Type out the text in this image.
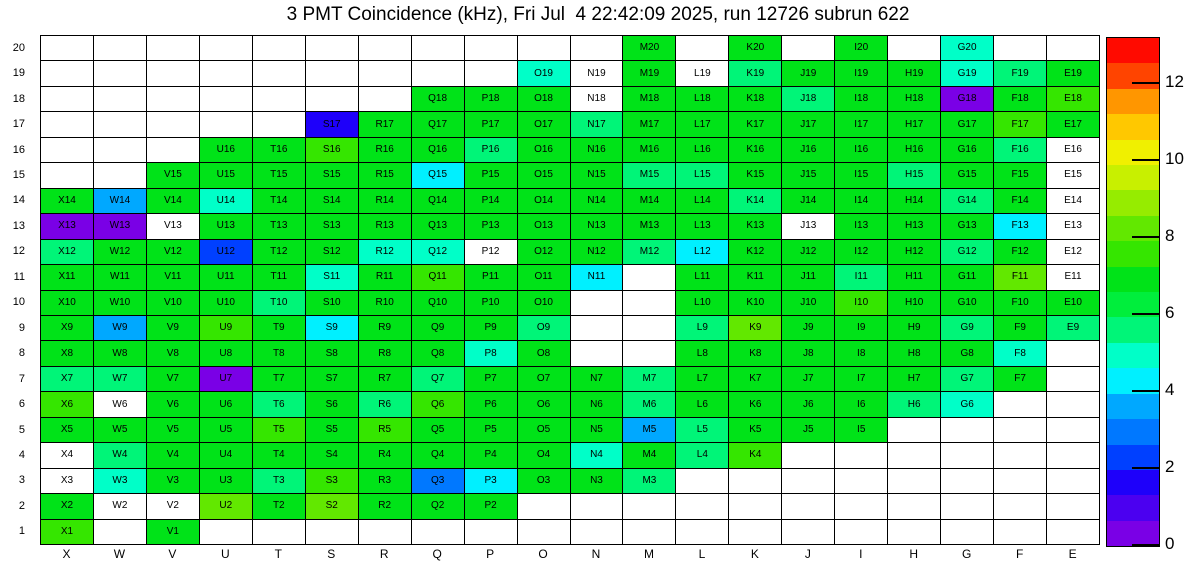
3 PMT Coincidence (kHz), Fri Jul  4 22:42:09 2025, run 12726 subrun 622
20
19
18
17
16
15
14
13
12
11
10
9
8
7
6
5
4
3
2
1
M20	K20	I20	G20
O19	N19	M19	L19	K19	J19	I19	H19	G19	F19	E19
Q18	P18	O18	N18	M18	L18	K18	J18	I18	H18	G18	F18	E18
S17	R17	Q17	P17	O17	N17	M17	L17	K17	J17	I17	H17	G17	F17	E17
U16	T16	S16	R16	Q16	P16	O16	N16	M16	L16	K16	J16	I16	H16	G16	F16	E16
V15	U15	T15	S15	R15	Q15	P15	O15	N15	M15	L15	K15	J15	I15	H15	G15	F15	E15
X14	W14	V14	U14	T14	S14	R14	Q14	P14	O14	N14	M14	L14	K14	J14	I14	H14	G14	F14	E14
X13	W13	V13	U13	T13	S13	R13	Q13	P13	O13	N13	M13	L13	K13	J13	I13	H13	G13	F13	E13
X12	W12	V12	U12	T12	S12	R12	Q12	P12	O12	N12	M12	L12	K12	J12	I12	H12	G12	F12	E12
X11	W11	V11	U11	T11	S11	R11	Q11	P11	O11	N11	L11	K11	J11	I11	H11	G11	F11	E11
X10	W10	V10	U10	T10	S10	R10	Q10	P10	O10	L10	K10	J10	I10	H10	G10	F10	E10
X9	W9	V9	U9	T9	S9	R9	Q9	P9	O9	L9	K9	J9	I9	H9	G9	F9	E9
X8	W8	V8	U8	T8	S8	R8	Q8	P8	O8	L8	K8	J8	I8	H8	G8	F8
X7	W7	V7	U7	T7	S7	R7	Q7	P7	O7	N7	M7	L7	K7	J7	I7	H7	G7	F7
X6	W6	V6	U6	T6	S6	R6	Q6	P6	O6	N6	M6	L6	K6	J6	I6	H6	G6
X5	W5	V5	U5	T5	S5	R5	Q5	P5	O5	N5	M5	L5	K5	J5	I5
X4	W4	V4	U4	T4	S4	R4	Q4	P4	O4	N4	M4	L4	K4
X3	W3	V3	U3	T3	S3	R3	Q3	P3	O3	N3	M3
X2	W2	V2	U2	T2	S2	R2	Q2	P2
X1	V1
X	W	V	U	T	S	R	Q	P	O	N	M	L	K	J	I	H	G	F	E
12
10
8
6
4
2
0
